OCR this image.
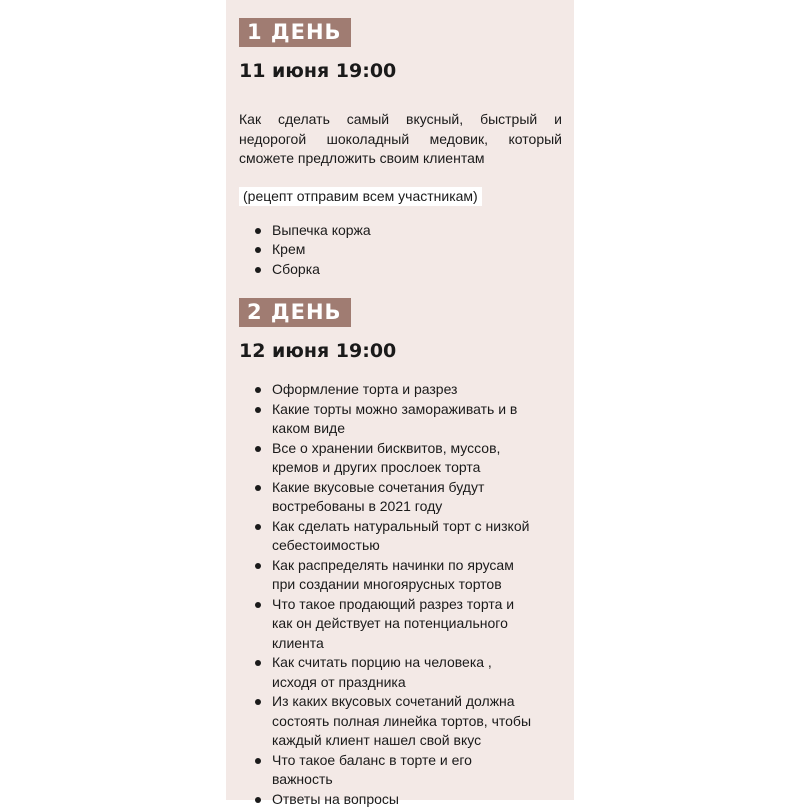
1 ДЕНЬ
11 июня 19:00

Как сделать самый вкусный, быстрый и недорогой шоколадный медовик, который сможете предложить своим клиентам

(рецепт отправим всем участникам)
Выпечка коржа
Крем
Сборка
2 ДЕНЬ
12 июня 19:00
Оформление торта и разрез
Какие торты можно замораживать и в каком виде
Все о хранении бисквитов, муссов, кремов и других прослоек торта
Какие вкусовые сочетания будут востребованы в 2021 году
Как сделать натуральный торт с низкой себестоимостью
Как распределять начинки по ярусам при создании многоярусных тортов
Что такое продающий разрез торта и как он действует на потенциального клиента
Как считать порцию на человека , исходя от праздника
Из каких вкусовых сочетаний должна состоять полная линейка тортов, чтобы каждый клиент нашел свой вкус
Что такое баланс в торте и его важность
Ответы на вопросы
